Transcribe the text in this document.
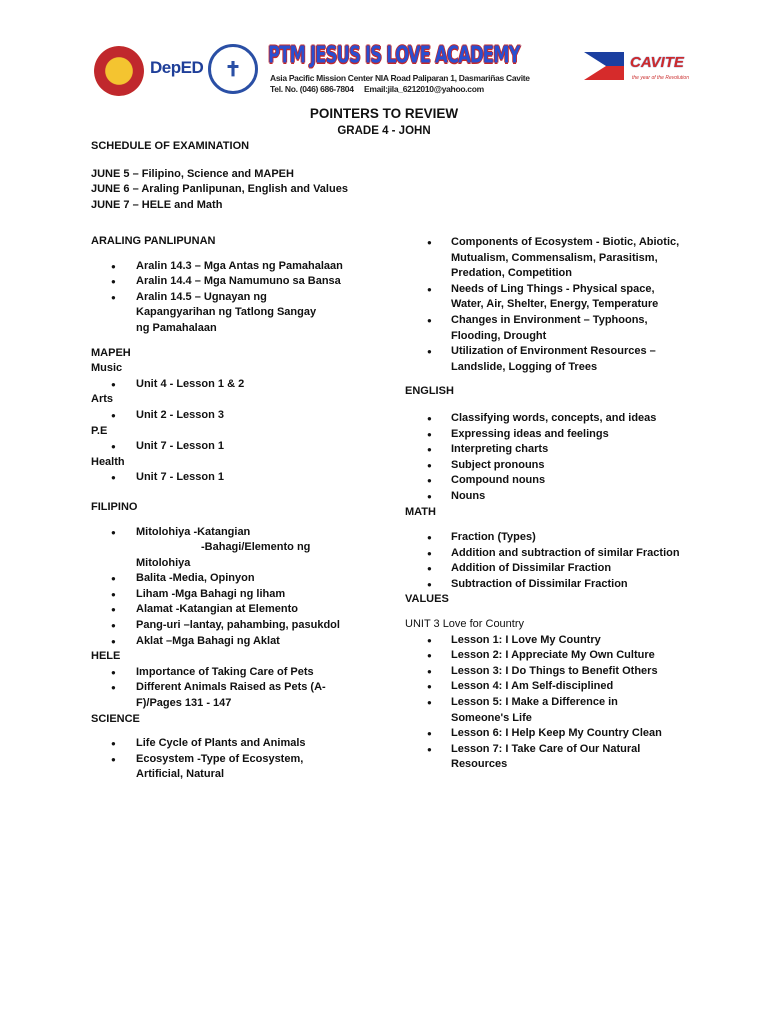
DepED	✝
PTM JESUS IS LOVE ACADEMY
Asia Pacific Mission Center NIA Road Paliparan 1, Dasmariñas Cavite
Tel. No. (046) 686-7804 Email:jila_6212010@yahoo.com
CAVITE
the year of the Revolution
POINTERS TO REVIEW
GRADE 4 - JOHN
SCHEDULE OF EXAMINATION
JUNE 5 – Filipino, Science and MAPEH
JUNE 6 – Araling Panlipunan, English and Values
JUNE 7 – HELE and Math
ARALING PANLIPUNAN
● Aralin 14.3 – Mga Antas ng Pamahalaan
● Aralin 14.4 – Mga Namumuno sa Bansa
● Aralin 14.5 – Ugnayan ng Kapangyarihan ng Tatlong Sangay ng Pamahalaan
MAPEH
Music
● Unit 4 - Lesson 1 & 2
Arts
● Unit 2 - Lesson 3
P.E
● Unit 7 - Lesson 1
Health
● Unit 7 - Lesson 1
FILIPINO
● Mitolohiya -Katangian
-Bahagi/Elemento ng
Mitolohiya
● Balita -Media, Opinyon
● Liham -Mga Bahagi ng liham
● Alamat -Katangian at Elemento
● Pang-uri –lantay, pahambing, pasukdol
● Aklat –Mga Bahagi ng Aklat
HELE
● Importance of Taking Care of Pets
● Different Animals Raised as Pets (A-F)/Pages 131 - 147
SCIENCE
● Life Cycle of Plants and Animals
● Ecosystem -Type of Ecosystem, Artificial, Natural
● Components of Ecosystem - Biotic, Abiotic, Mutualism, Commensalism, Parasitism, Predation, Competition
● Needs of Ling Things - Physical space, Water, Air, Shelter, Energy, Temperature
● Changes in Environment – Typhoons, Flooding, Drought
● Utilization of Environment Resources – Landslide, Logging of Trees
ENGLISH
● Classifying words, concepts, and ideas
● Expressing ideas and feelings
● Interpreting charts
● Subject pronouns
● Compound nouns
● Nouns
MATH
● Fraction (Types)
● Addition and subtraction of similar Fraction
● Addition of Dissimilar Fraction
● Subtraction of Dissimilar Fraction
VALUES
UNIT 3 Love for Country
● Lesson 1: I Love My Country
● Lesson 2: I Appreciate My Own Culture
● Lesson 3: I Do Things to Benefit Others
● Lesson 4: I Am Self-disciplined
● Lesson 5: I Make a Difference in Someone's Life
● Lesson 6: I Help Keep My Country Clean
● Lesson 7: I Take Care of Our Natural Resources
